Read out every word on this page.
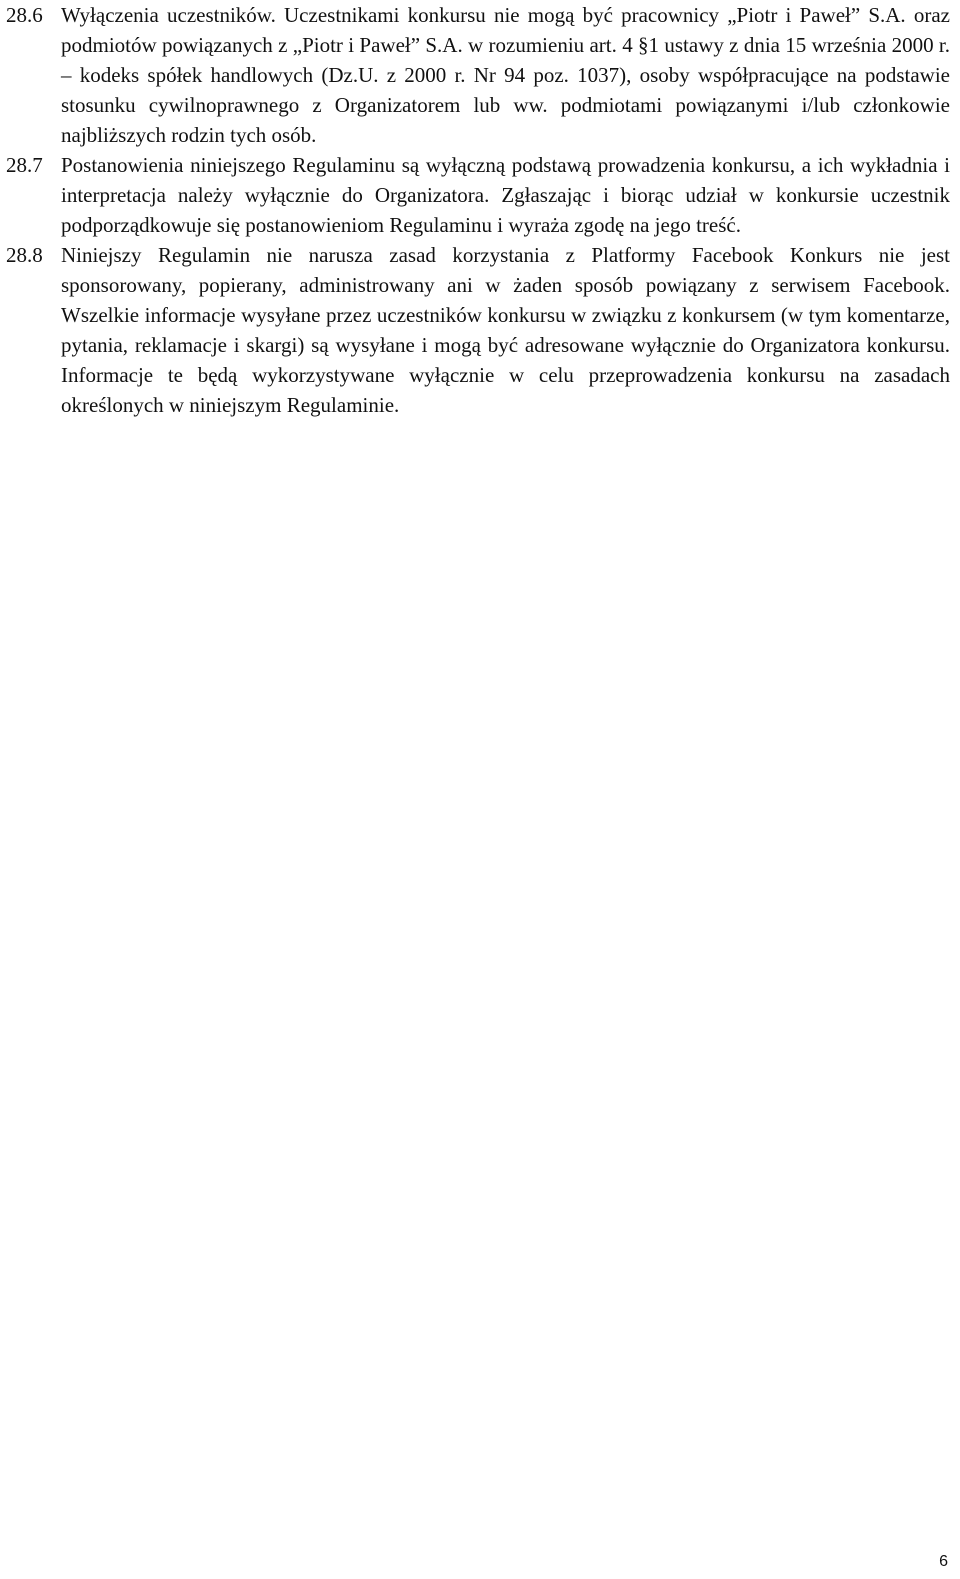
28.6 Wyłączenia uczestników. Uczestnikami konkursu nie mogą być pracownicy „Piotr i Paweł” S.A. oraz podmiotów powiązanych z „Piotr i Paweł” S.A. w rozumieniu art. 4 §1 ustawy z dnia 15 września 2000 r. – kodeks spółek handlowych (Dz.U. z 2000 r. Nr 94 poz. 1037), osoby współpracujące na podstawie stosunku cywilnoprawnego z Organizatorem lub ww. podmiotami powiązanymi i/lub członkowie najbliższych rodzin tych osób.
28.7 Postanowienia niniejszego Regulaminu są wyłączną podstawą prowadzenia konkursu, a ich wykładnia i interpretacja należy wyłącznie do Organizatora. Zgłaszając i biorąc udział w konkursie uczestnik podporządkowuje się postanowieniom Regulaminu i wyraża zgodę na jego treść.
28.8 Niniejszy Regulamin nie narusza zasad korzystania z Platformy Facebook Konkurs nie jest sponsorowany, popierany, administrowany ani w żaden sposób powiązany z serwisem Facebook. Wszelkie informacje wysyłane przez uczestników konkursu w związku z konkursem (w tym komentarze, pytania, reklamacje i skargi) są wysyłane i mogą być adresowane wyłącznie do Organizatora konkursu. Informacje te będą wykorzystywane wyłącznie w celu przeprowadzenia konkursu na zasadach określonych w niniejszym Regulaminie.
6
